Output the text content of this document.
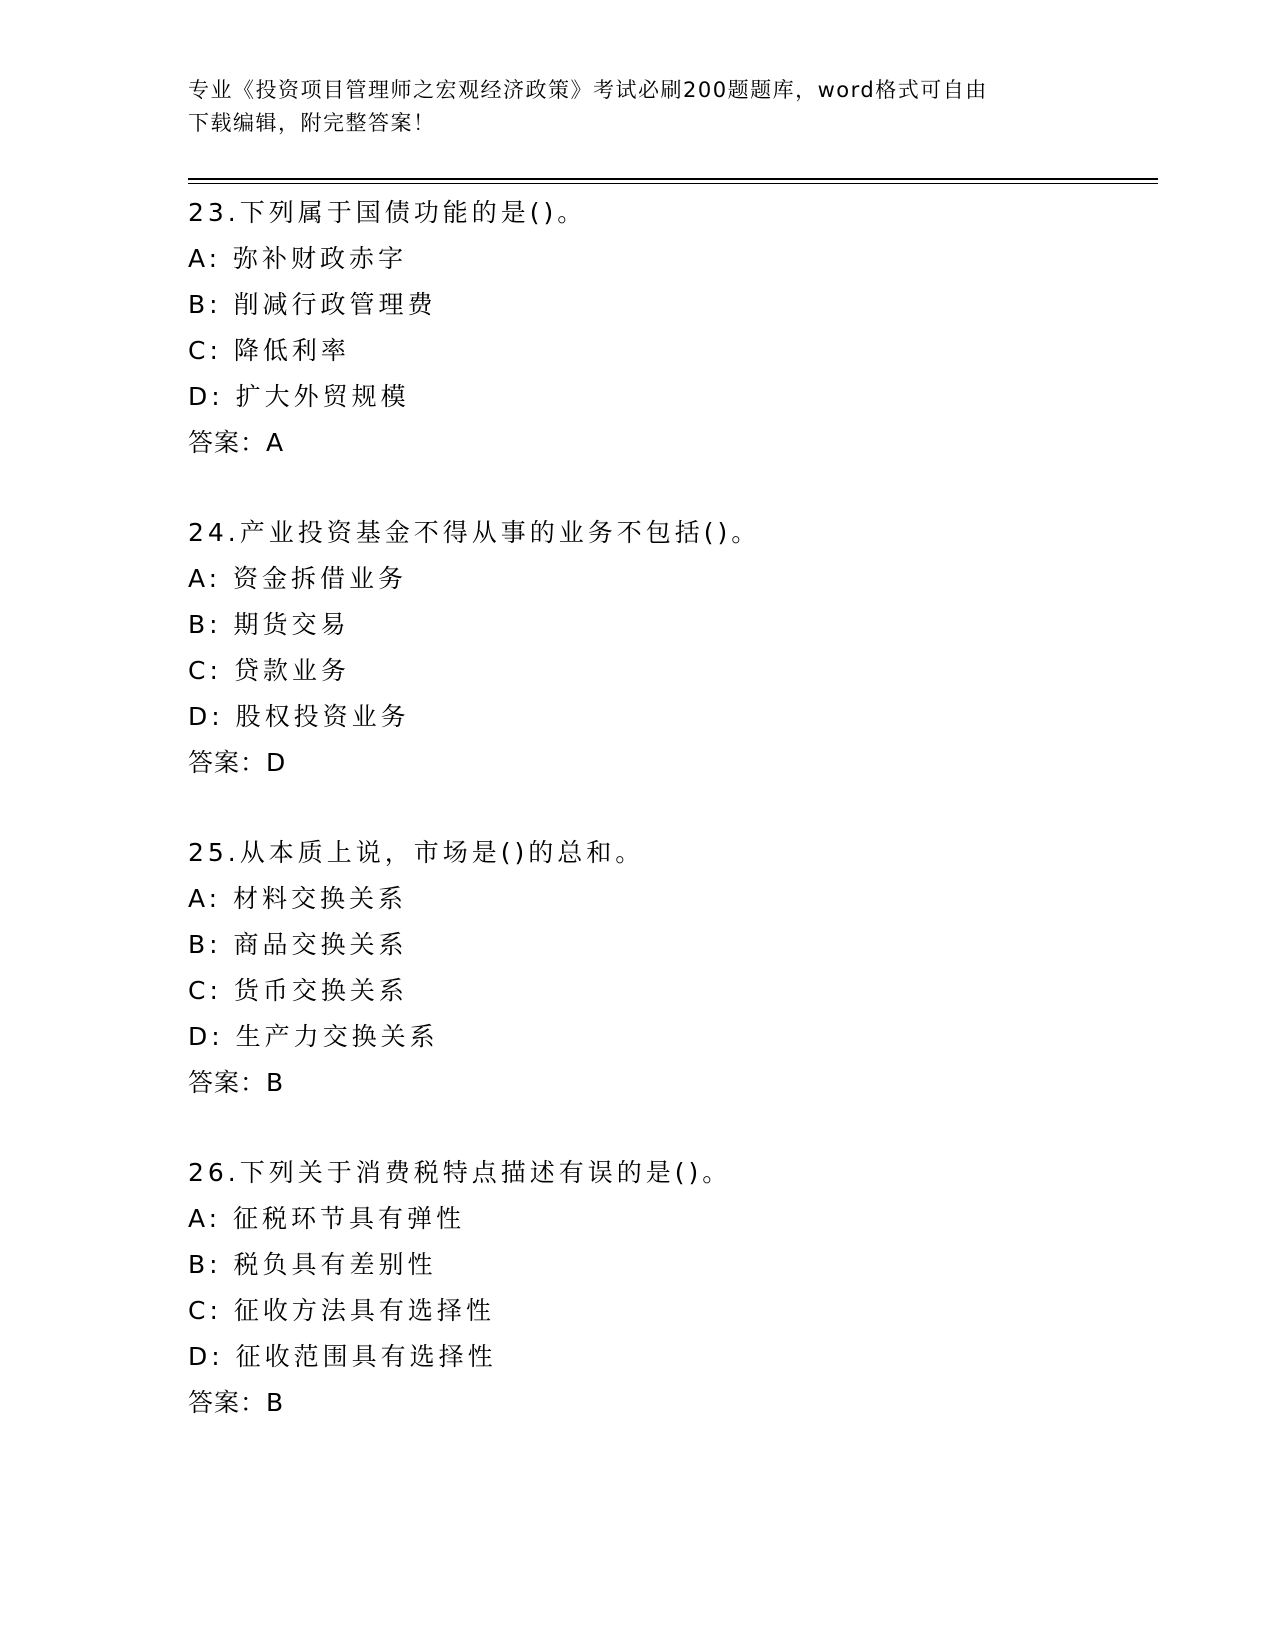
专业《投资项目管理师之宏观经济政策》考试必刷200题题库，word格式可自由
下载编辑，附完整答案！
23.下列属于国债功能的是()。
A: 弥补财政赤字
B: 削减行政管理费
C: 降低利率
D: 扩大外贸规模
答案：A
24.产业投资基金不得从事的业务不包括()。
A: 资金拆借业务
B: 期货交易
C: 贷款业务
D: 股权投资业务
答案：D
25.从本质上说，市场是()的总和。
A: 材料交换关系
B: 商品交换关系
C: 货币交换关系
D: 生产力交换关系
答案：B
26.下列关于消费税特点描述有误的是()。
A: 征税环节具有弹性
B: 税负具有差别性
C: 征收方法具有选择性
D: 征收范围具有选择性
答案：B
